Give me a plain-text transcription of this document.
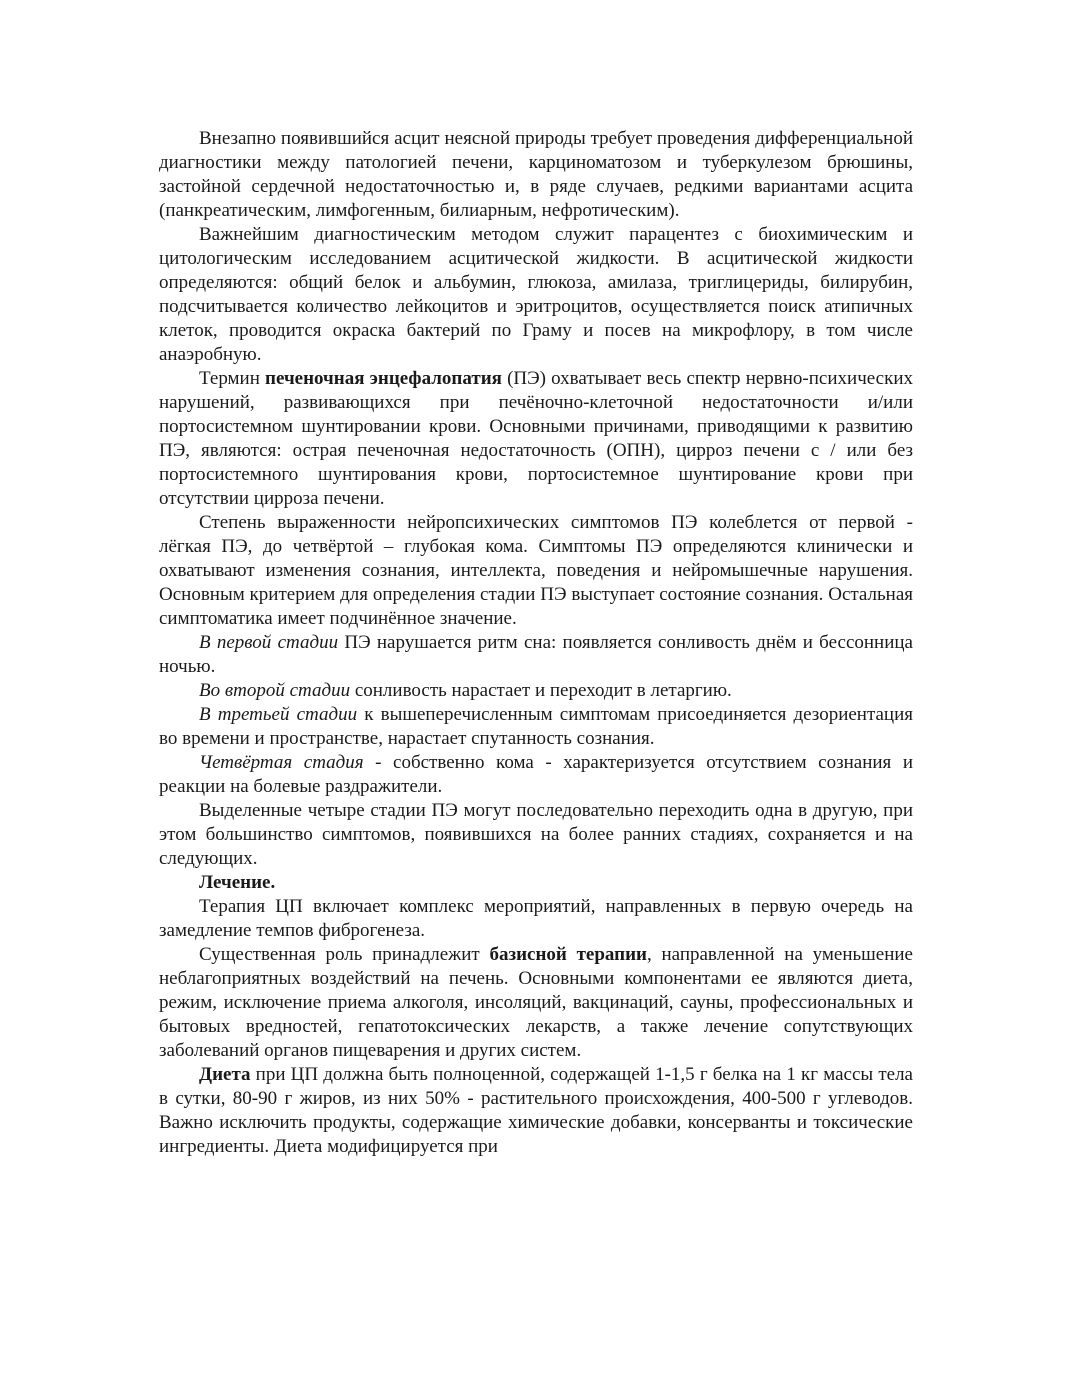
Внезапно появившийся асцит неясной природы требует проведения дифференциальной диагностики между патологией печени, карциноматозом и туберкулезом брюшины, застойной сердечной недостаточностью и, в ряде случаев, редкими вариантами асцита (панкреатическим, лимфогенным, билиарным, нефротическим).

Важнейшим диагностическим методом служит парацентез с биохимическим и цитологическим исследованием асцитической жидкости. В асцитической жидкости определяются: общий белок и альбумин, глюкоза, амилаза, триглицериды, билирубин, подсчитывается количество лейкоцитов и эритроцитов, осуществляется поиск атипичных клеток, проводится окраска бактерий по Граму и посев на микрофлору, в том числе анаэробную.

Термин печеночная энцефалопатия (ПЭ) охватывает весь спектр нервно-психических нарушений, развивающихся при печёночно-клеточной недостаточности и/или портосистемном шунтировании крови. Основными причинами, приводящими к развитию ПЭ, являются: острая печеночная недостаточность (ОПН), цирроз печени с / или без портосистемного шунтирования крови, портосистемное шунтирование крови при отсутствии цирроза печени.

Степень выраженности нейропсихических симптомов ПЭ колеблется от первой - лёгкая ПЭ, до четвёртой – глубокая кома. Симптомы ПЭ определяются клинически и охватывают изменения сознания, интеллекта, поведения и нейромышечные нарушения. Основным критерием для определения стадии ПЭ выступает состояние сознания. Остальная симптоматика имеет подчинённое значение.

В первой стадии ПЭ нарушается ритм сна: появляется сонливость днём и бессонница ночью.

Во второй стадии сонливость нарастает и переходит в летаргию.

В третьей стадии к вышеперечисленным симптомам присоединяется дезориентация во времени и пространстве, нарастает спутанность сознания.

Четвёртая стадия - собственно кома - характеризуется отсутствием сознания и реакции на болевые раздражители.

Выделенные четыре стадии ПЭ могут последовательно переходить одна в другую, при этом большинство симптомов, появившихся на более ранних стадиях, сохраняется и на следующих.

Лечение.

Терапия ЦП включает комплекс мероприятий, направленных в первую очередь на замедление темпов фиброгенеза.

Существенная роль принадлежит базисной терапии, направленной на уменьшение неблагоприятных воздействий на печень. Основными компонентами ее являются диета, режим, исключение приема алкоголя, инсоляций, вакцинаций, сауны, профессиональных и бытовых вредностей, гепатотоксических лекарств, а также лечение сопутствующих заболеваний органов пищеварения и других систем.

Диета при ЦП должна быть полноценной, содержащей 1-1,5 г белка на 1 кг массы тела в сутки, 80-90 г жиров, из них 50% - растительного происхождения, 400-500 г углеводов. Важно исключить продукты, содержащие химические добавки, консерванты и токсические ингредиенты. Диета модифицируется при
